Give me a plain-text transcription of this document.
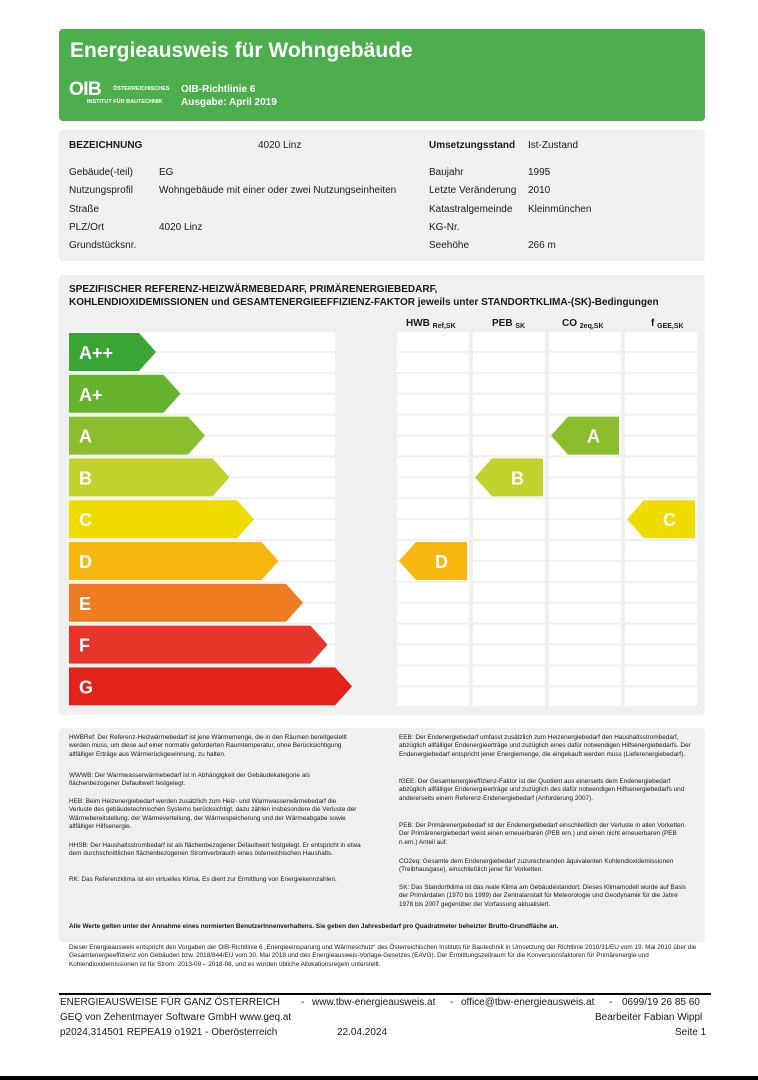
Energieausweis für Wohngebäude
OIB ÖSTERREICHISCHES
INSTITUT FÜR BAUTECHNIK
OIB-Richtlinie 6
Ausgabe: April 2019
BEZEICHNUNG	4020 Linz
Gebäude(-teil)	EG
Nutzungsprofil	Wohngebäude mit einer oder zwei Nutzungseinheiten
Straße
PLZ/Ort	4020 Linz
Grundstücksnr.
Umsetzungsstand Ist-Zustand
Baujahr	1995
Letzte Veränderung 2010
Katastralgemeinde Kleinmünchen
KG-Nr.
Seehöhe	266 m
SPEZIFISCHER REFERENZ-HEIZWÄRMEBEDARF, PRIMÄRENERGIEBEDARF,
KOHLENDIOXIDEMISSIONEN und GESAMTENERGIEEFFIZIENZ-FAKTOR jeweils unter STANDORTKLIMA-(SK)-Bedingungen
HWB $_{Ref,SK}$	PEB $_{SK}$	CO $_{2eq,SK}$	f $_{GEE,SK}$
A++
A+
A
B
C
D
E
F
G
D
B
A
C
HWBRef: Der Referenz-Heizwärmebedarf ist jene Wärmemenge, die in den Räumen bereitgestellt werden muss, um diese auf einer normativ geforderten Raumtemperatur, ohne Berücksichtigung allfälliger Erträge aus Wärmerückgewinnung, zu halten.
WWWB: Der Warmwasserwärmebedarf ist in Abhängigkeit der Gebäudekategorie als flächenbezogener Defaultwert festgelegt.
HEB: Beim Heizenergiebedarf werden zusätzlich zum Heiz- und Warmwasserwärmebedarf die Verluste des gebäudetechnischen Systems berücksichtigt, dazu zählen insbesondere die Verluste der Wärmebereitstellung, der Wärmeverteilung, der Wärmespeicherung und der Wärmeabgabe sowie allfälliger Hilfsenergie.
HHSB: Der Haushaltsstrombedarf ist als flächenbezogener Defaultwert festgelegt. Er entspricht in etwa dem durchschnittlichen flächenbezogenen Stromverbrauch eines österreichischen Haushalts.
RK: Das Referenzklima ist ein virtuelles Klima. Es dient zur Ermittlung von Energiekennzahlen.
EEB: Der Endenergiebedarf umfasst zusätzlich zum Heizenergiebedarf den Haushaltsstrombedarf, abzüglich allfälliger Endenergieerträge und zuzüglich eines dafür notwendigen Hilfsenergiebedarfs. Der Endenergiebedarf entspricht jener Energiemenge, die eingekauft werden muss (Lieferenergiebedarf).
fGEE: Der Gesamtenergieeffizienz-Faktor ist der Quotient aus einerseits dem Endenergiebedarf abzüglich allfälliger Endenergieerträge und zuzüglich des dafür notwendigen Hilfsenergiebedarfs und andererseits einem Referenz-Endenergiebedarf (Anforderung 2007).
PEB: Der Primärenergiebedarf ist der Endenergiebedarf einschließlich der Verluste in allen Vorketten. Der Primärenergiebedarf weist einen erneuerbaren (PEB ern.) und einen nicht erneuerbaren (PEB n.ern.) Anteil auf.
CO2eq: Gesamte dem Endenergiebedarf zuzurechnenden äquivalenten Kohlendioxidemissionen (Treibhausgase), einschließlich jener für Vorketten.
SK: Das Standortklima ist das reale Klima am Gebäudestandort. Dieses Klimamodell wurde auf Basis der Primärdaten (1970 bis 1999) der Zentralanstalt für Meteorologie und Geodynamik für die Jahre 1978 bis 2007 gegenüber der Vorfassung aktualisiert.
Alle Werte gelten unter der Annahme eines normierten BenutzerInnenverhaltens. Sie geben den Jahresbedarf pro Quadratmeter beheizter Brutto-Grundfläche an.
Dieser Energieausweis entspricht den Vorgaben der OIB-Richtlinie 6 „Energieeinsparung und Wärmeschutz“ des Österreichischen Instituts für Bautechnik in Umsetzung der Richtlinie 2010/31/EU vom 19. Mai 2010 über die Gesamtenergieeffizienz von Gebäuden bzw. 2018/844/EU vom 30. Mai 2018 und des Energieausweis-Vorlage-Gesetzes (EAVG). Der Ermittlungszeitraum für die Konversionsfaktoren für Primärenergie und Kohlendioxidemissionen ist für Strom: 2013-09 – 2018-08, und es wurden übliche Allokationsregeln unterstellt.
ENERGIEAUSWEISE FÜR GANZ ÖSTERREICH - www.tbw-energieausweis.at - office@tbw-energieausweis.at - 0699/19 26 85 60
GEQ von Zehentmayer Software GmbH www.geq.at	Bearbeiter Fabian Wippl
p2024,314501 REPEA19 o1921 - Oberösterreich	22.04.2024	Seite 1
